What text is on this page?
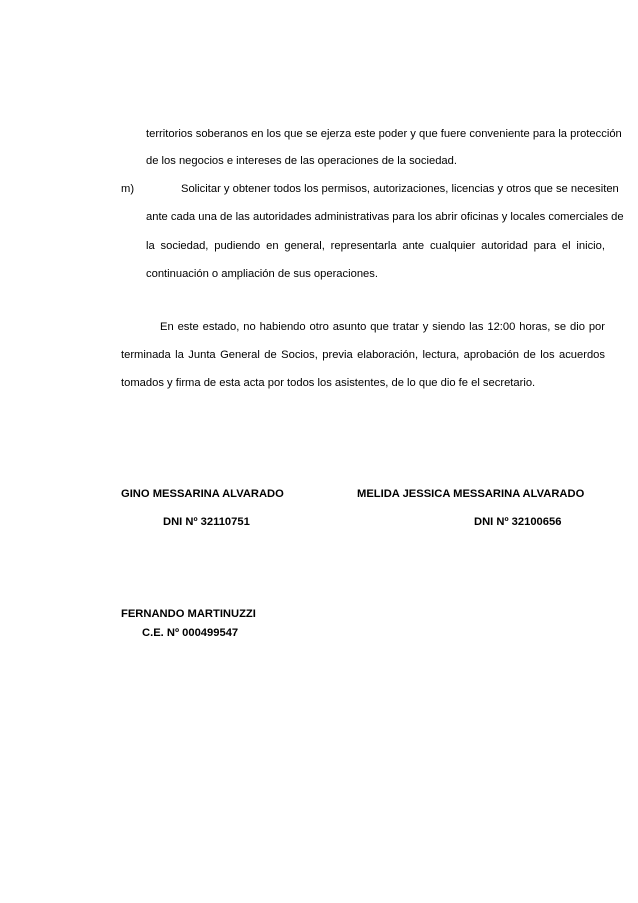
territorios soberanos en los que se ejerza este poder y que fuere conveniente para la protección

de los negocios e intereses de las operaciones de la sociedad.

m)	Solicitar y obtener todos los permisos, autorizaciones, licencias y otros que se necesiten

ante cada una de las autoridades administrativas para los abrir oficinas y locales comerciales de

la sociedad, pudiendo en general, representarla ante cualquier autoridad para el inicio,

continuación o ampliación de sus operaciones.

En este estado, no habiendo otro asunto que tratar y siendo las 12:00 horas, se dio por

terminada la Junta General de Socios, previa elaboración, lectura, aprobación de los acuerdos

tomados y firma de esta acta por todos los asistentes, de lo que dio fe el secretario.

GINO MESSARINA ALVARADO

DNI Nº 32110751

MELIDA JESSICA MESSARINA ALVARADO

DNI Nº 32100656

FERNANDO MARTINUZZI

C.E. Nº 000499547
